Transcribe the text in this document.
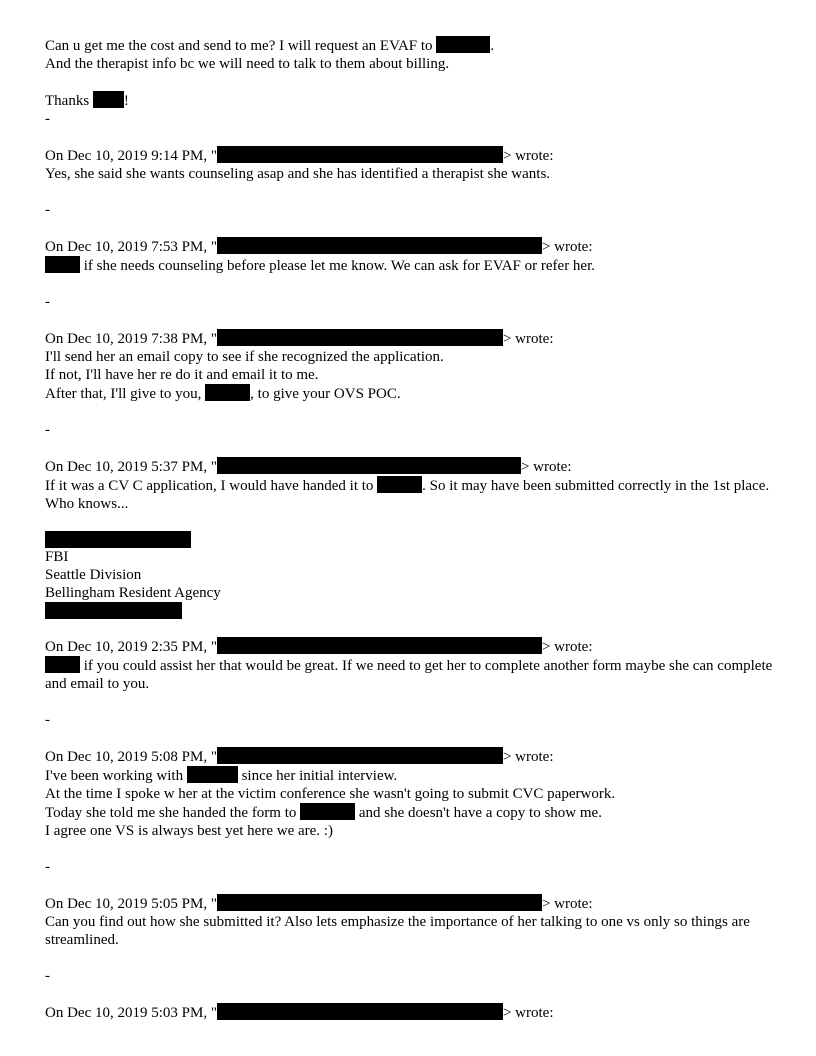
Can u get me the cost and send to me? I will request an EVAF to	.

And the therapist info bc we will need to talk to them about billing.

Thanks !

-

On Dec 10, 2019 9:14 PM, "	> wrote:

Yes, she said she wants counseling asap and she has identified a therapist she wants.

-

On Dec 10, 2019 7:53 PM, "	> wrote:

if she needs counseling before please let me know. We can ask for EVAF or refer her.

-

On Dec 10, 2019 7:38 PM, "	> wrote:

I'll send her an email copy to see if she recognized the application.

If not, I'll have her re do it and email it to me.

After that, I'll give to you,	, to give your OVS POC.

-

On Dec 10, 2019 5:37 PM, "	> wrote:

If it was a CV C application, I would have handed it to	. So it may have been submitted correctly in the 1st place. Who knows...

FBI

Seattle Division

Bellingham Resident Agency

On Dec 10, 2019 2:35 PM, "	> wrote:

if you could assist her that would be great. If we need to get her to complete another form maybe she can complete and email to you.

-

On Dec 10, 2019 5:08 PM, "	> wrote:

I've been working with	since her initial interview.

At the time I spoke w her at the victim conference she wasn't going to submit CVC paperwork.

Today she told me she handed the form to	and she doesn't have a copy to show me.

I agree one VS is always best yet here we are. :)

-

On Dec 10, 2019 5:05 PM, "	> wrote:

Can you find out how she submitted it? Also lets emphasize the importance of her talking to one vs only so things are streamlined.

-

On Dec 10, 2019 5:03 PM, "	> wrote:
